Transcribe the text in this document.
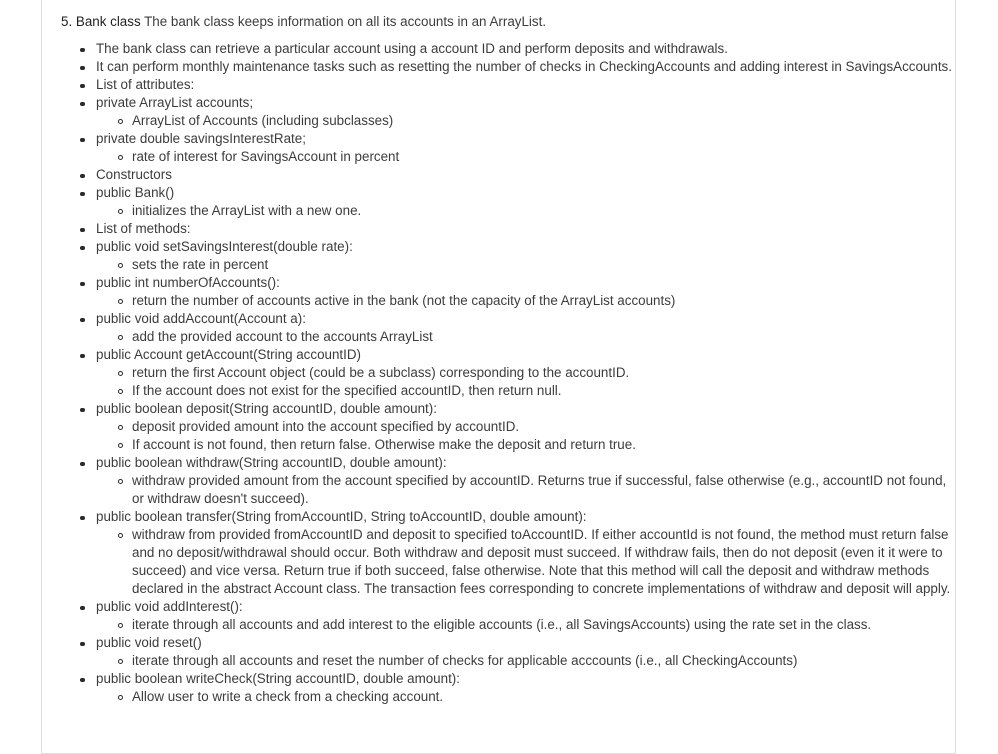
5. Bank class The bank class keeps information on all its accounts in an ArrayList.

The bank class can retrieve a particular account using a account ID and perform deposits and withdrawals.
It can perform monthly maintenance tasks such as resetting the number of checks in CheckingAccounts and adding interest in SavingsAccounts.
List of attributes:
private ArrayList accounts;
ArrayList of Accounts (including subclasses)
private double savingsInterestRate;
rate of interest for SavingsAccount in percent
Constructors
public Bank()
initializes the ArrayList with a new one.
List of methods:
public void setSavingsInterest(double rate):
sets the rate in percent
public int numberOfAccounts():
return the number of accounts active in the bank (not the capacity of the ArrayList accounts)
public void addAccount(Account a):
add the provided account to the accounts ArrayList
public Account getAccount(String accountID)
return the first Account object (could be a subclass) corresponding to the accountID.
If the account does not exist for the specified accountID, then return null.
public boolean deposit(String accountID, double amount):
deposit provided amount into the account specified by accountID.
If account is not found, then return false. Otherwise make the deposit and return true.
public boolean withdraw(String accountID, double amount):
withdraw provided amount from the account specified by accountID. Returns true if successful, false otherwise (e.g., accountID not found, or withdraw doesn't succeed).
public boolean transfer(String fromAccountID, String toAccountID, double amount):
withdraw from provided fromAccountID and deposit to specified toAccountID. If either accountId is not found, the method must return false and no deposit/withdrawal should occur. Both withdraw and deposit must succeed. If withdraw fails, then do not deposit (even it it were to succeed) and vice versa. Return true if both succeed, false otherwise. Note that this method will call the deposit and withdraw methods declared in the abstract Account class. The transaction fees corresponding to concrete implementations of withdraw and deposit will apply.
public void addInterest():
iterate through all accounts and add interest to the eligible accounts (i.e., all SavingsAccounts) using the rate set in the class.
public void reset()
iterate through all accounts and reset the number of checks for applicable acccounts (i.e., all CheckingAccounts)
public boolean writeCheck(String accountID, double amount):
Allow user to write a check from a checking account.
